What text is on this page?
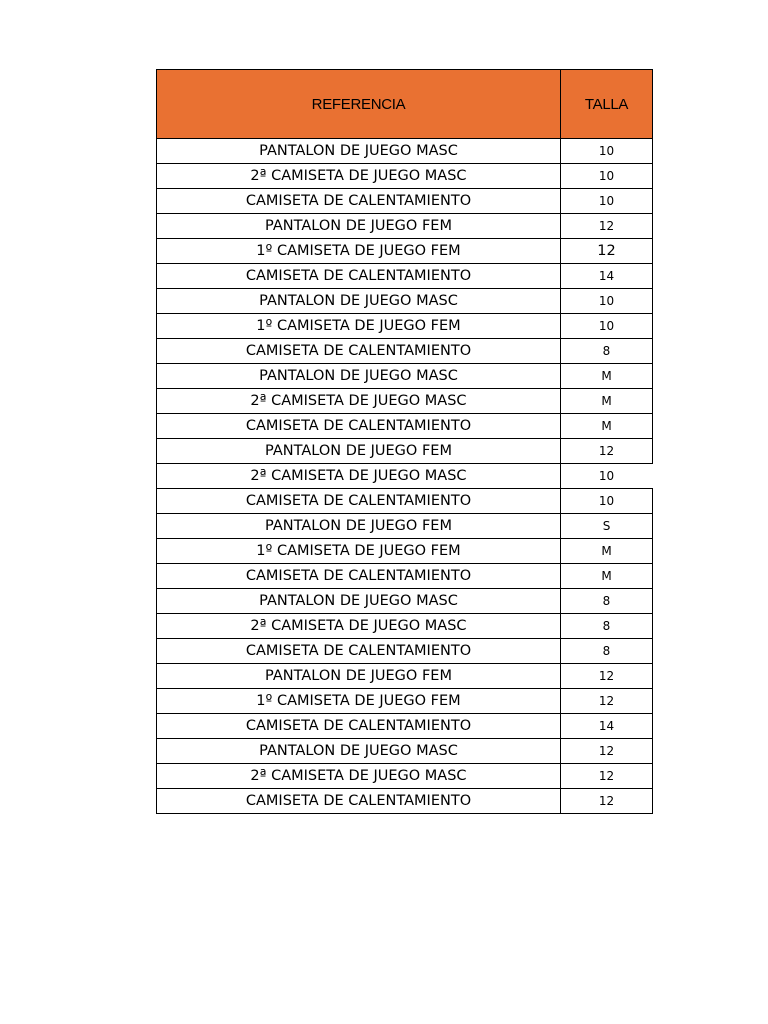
REFERENCIA	TALLA
PANTALON DE JUEGO MASC	10
2ª CAMISETA DE JUEGO MASC	10
CAMISETA DE CALENTAMIENTO	10
PANTALON DE JUEGO FEM	12
1º CAMISETA DE JUEGO FEM	12
CAMISETA DE CALENTAMIENTO	14
PANTALON DE JUEGO MASC	10
1º CAMISETA DE JUEGO FEM	10
CAMISETA DE CALENTAMIENTO	8
PANTALON DE JUEGO MASC	M
2ª CAMISETA DE JUEGO MASC	M
CAMISETA DE CALENTAMIENTO	M
PANTALON DE JUEGO FEM	12
2ª CAMISETA DE JUEGO MASC	10
CAMISETA DE CALENTAMIENTO	10
PANTALON DE JUEGO FEM	S
1º CAMISETA DE JUEGO FEM	M
CAMISETA DE CALENTAMIENTO	M
PANTALON DE JUEGO MASC	8
2ª CAMISETA DE JUEGO MASC	8
CAMISETA DE CALENTAMIENTO	8
PANTALON DE JUEGO FEM	12
1º CAMISETA DE JUEGO FEM	12
CAMISETA DE CALENTAMIENTO	14
PANTALON DE JUEGO MASC	12
2ª CAMISETA DE JUEGO MASC	12
CAMISETA DE CALENTAMIENTO	12
